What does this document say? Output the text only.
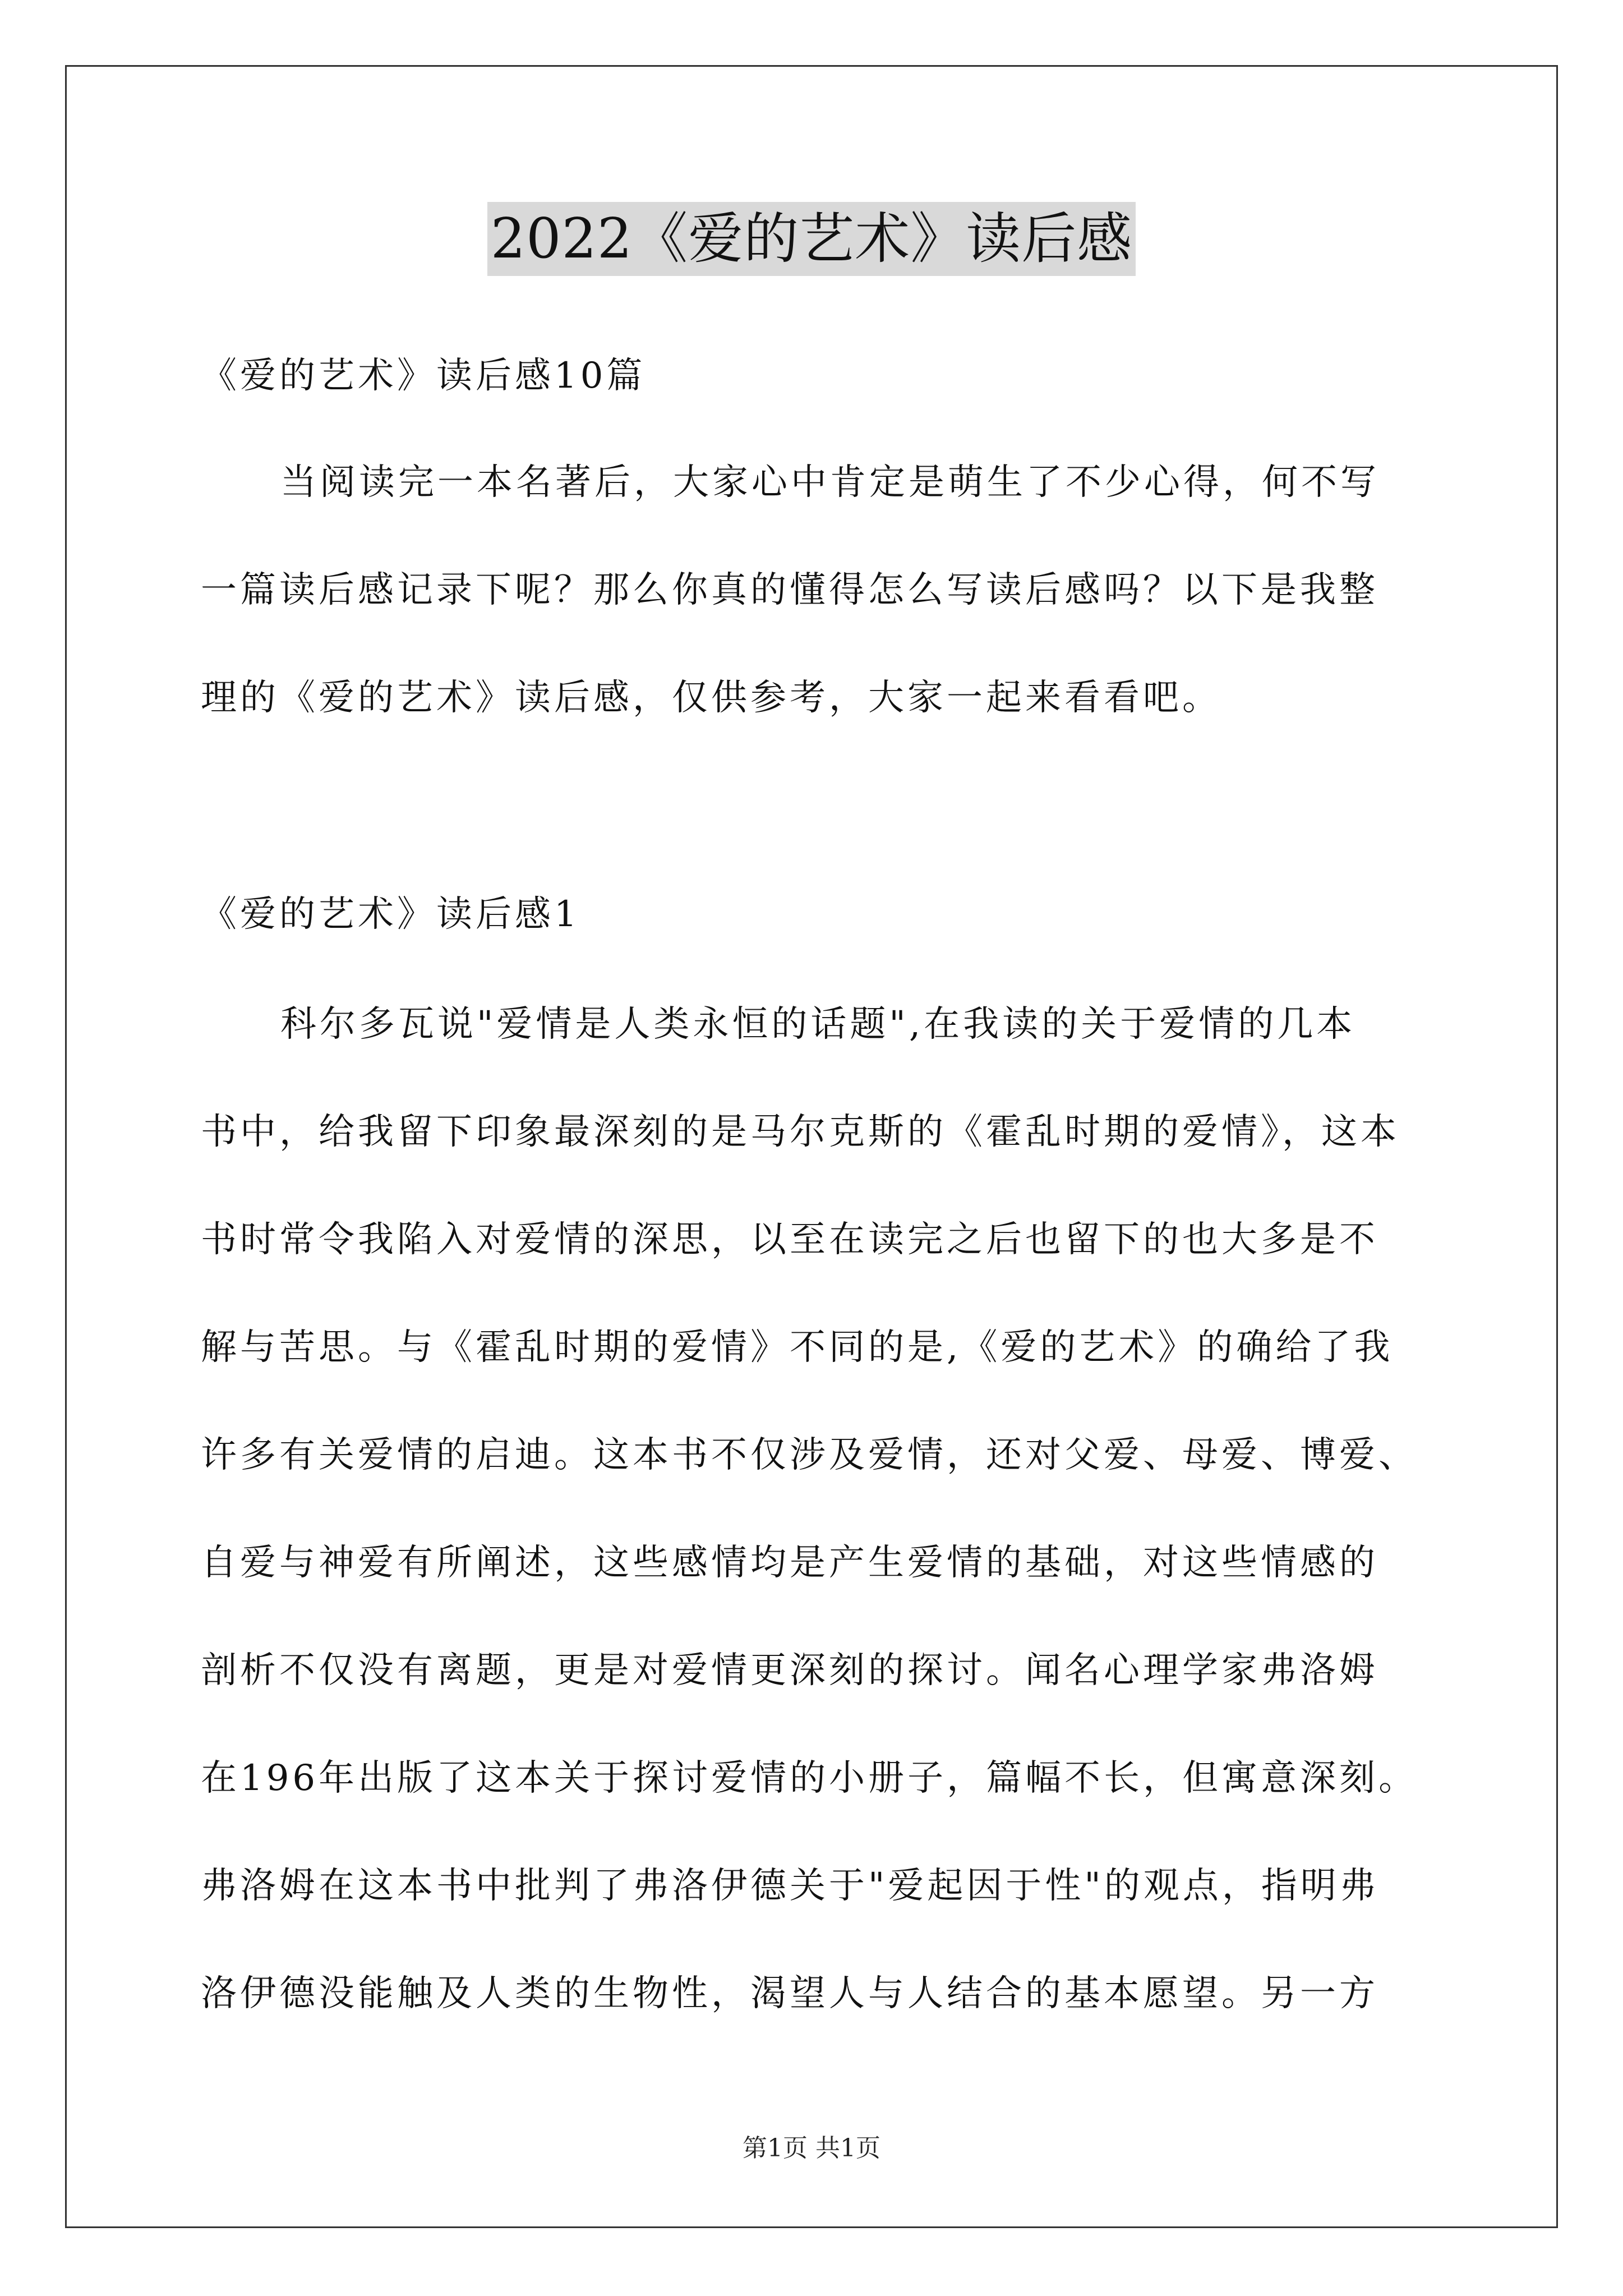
2022《爱的艺术》读后感
《爱的艺术》读后感10篇
当阅读完一本名著后，大家心中肯定是萌生了不少心得，何不写
一篇读后感记录下呢？那么你真的懂得怎么写读后感吗？以下是我整
理的《爱的艺术》读后感，仅供参考，大家一起来看看吧。
《爱的艺术》读后感1
科尔多瓦说"爱情是人类永恒的话题",在我读的关于爱情的几本
书中，给我留下印象最深刻的是马尔克斯的《霍乱时期的爱情》，这本
书时常令我陷入对爱情的深思，以至在读完之后也留下的也大多是不
解与苦思。与《霍乱时期的爱情》不同的是,《爱的艺术》的确给了我
许多有关爱情的启迪。这本书不仅涉及爱情，还对父爱、母爱、博爱、
自爱与神爱有所阐述，这些感情均是产生爱情的基础，对这些情感的
剖析不仅没有离题，更是对爱情更深刻的探讨。闻名心理学家弗洛姆
在196年出版了这本关于探讨爱情的小册子，篇幅不长，但寓意深刻。
弗洛姆在这本书中批判了弗洛伊德关于"爱起因于性"的观点，指明弗
洛伊德没能触及人类的生物性，渴望人与人结合的基本愿望。另一方
第1页 共1页
